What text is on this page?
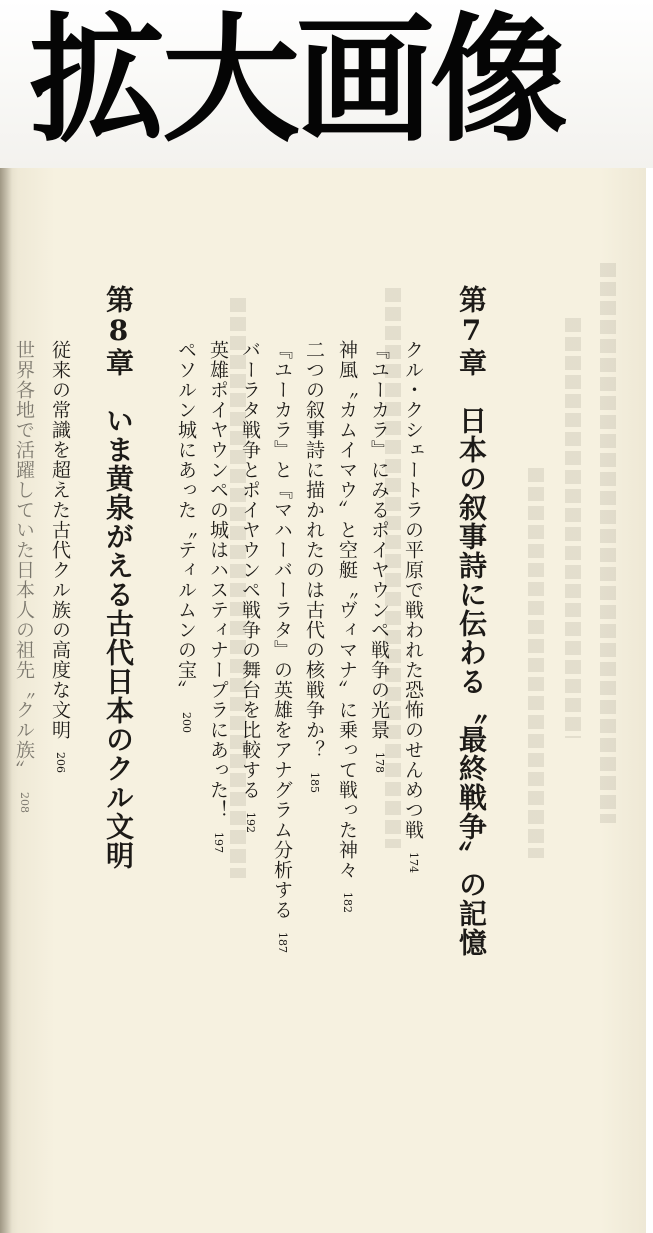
拡大画像
第7章　日本の叙事詩に伝わる〝最終戦争〟の記憶
クル・クシェートラの平原で戦われた恐怖のせんめつ戦174
『ユーカラ』にみるポイヤウンペ戦争の光景178
神風〝カムイマウ〟と空艇〝ヴィマナ〟に乗って戦った神々182
二つの叙事詩に描かれたのは古代の核戦争か？185
『ユーカラ』と『マハーバーラタ』の英雄をアナグラム分析する187
バーラタ戦争とポイヤウンペ戦争の舞台を比較する192
英雄ポイヤウンペの城はハスティナープラにあった！197
ペソルン城にあった〝ティルムンの宝〟200
第8章　いま黄泉がえる古代日本のクル文明
従来の常識を超えた古代クル族の高度な文明206
世界各地で活躍していた日本人の祖先〝クル族〟208
